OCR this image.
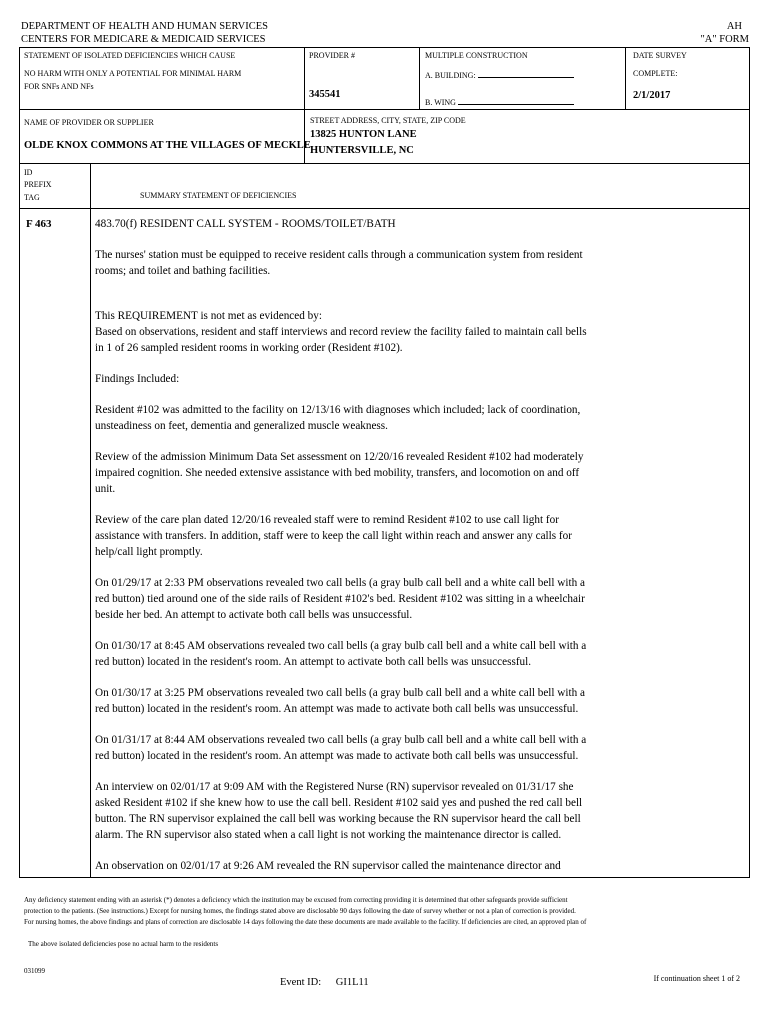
DEPARTMENT OF HEALTH AND HUMAN SERVICES
CENTERS FOR MEDICARE & MEDICAID SERVICES
AH
"A" FORM
STATEMENT OF ISOLATED DEFICIENCIES WHICH CAUSE
NO HARM WITH ONLY A POTENTIAL FOR MINIMAL HARM
FOR SNFs AND NFs
PROVIDER #
345541
MULTIPLE CONSTRUCTION
A. BUILDING:
B. WING
DATE SURVEY
COMPLETE:
2/1/2017
NAME OF PROVIDER OR SUPPLIER
OLDE KNOX COMMONS AT THE VILLAGES OF MECKLE
STREET ADDRESS, CITY, STATE, ZIP CODE
13825 HUNTON LANE
HUNTERSVILLE, NC
ID
PREFIX
TAG	SUMMARY STATEMENT OF DEFICIENCIES
F 463	483.70(f) RESIDENT CALL SYSTEM - ROOMS/TOILET/BATH

The nurses' station must be equipped to receive resident calls through a communication system from resident
rooms; and toilet and bathing facilities.

This REQUIREMENT is not met as evidenced by:
Based on observations, resident and staff interviews and record review the facility failed to maintain call bells
in 1 of 26 sampled resident rooms in working order (Resident #102).

Findings Included:

Resident #102 was admitted to the facility on 12/13/16 with diagnoses which included; lack of coordination,
unsteadiness on feet, dementia and generalized muscle weakness.

Review of the admission Minimum Data Set assessment on 12/20/16 revealed Resident #102 had moderately
impaired cognition. She needed extensive assistance with bed mobility, transfers, and locomotion on and off
unit.

Review of the care plan dated 12/20/16 revealed staff were to remind Resident #102 to use call light for
assistance with transfers. In addition, staff were to keep the call light within reach and answer any calls for
help/call light promptly.

On 01/29/17 at 2:33 PM observations revealed two call bells (a gray bulb call bell and a white call bell with a
red button) tied around one of the side rails of Resident #102's bed. Resident #102 was sitting in a wheelchair
beside her bed. An attempt to activate both call bells was unsuccessful.

On 01/30/17 at 8:45 AM observations revealed two call bells (a gray bulb call bell and a white call bell with a
red button) located in the resident's room. An attempt to activate both call bells was unsuccessful.

On 01/30/17 at 3:25 PM observations revealed two call bells (a gray bulb call bell and a white call bell with a
red button) located in the resident's room. An attempt was made to activate both call bells was unsuccessful.

On 01/31/17 at 8:44 AM observations revealed two call bells (a gray bulb call bell and a white call bell with a
red button) located in the resident's room. An attempt was made to activate both call bells was unsuccessful.

An interview on 02/01/17 at 9:09 AM with the Registered Nurse (RN) supervisor revealed on 01/31/17 she
asked Resident #102 if she knew how to use the call bell. Resident #102 said yes and pushed the red call bell
button. The RN supervisor explained the call bell was working because the RN supervisor heard the call bell
alarm. The RN supervisor also stated when a call light is not working the maintenance director is called.

An observation on 02/01/17 at 9:26 AM revealed the RN supervisor called the maintenance director and

Any deficiency statement ending with an asterisk (*) denotes a deficiency which the institution may be excused from correcting providing it is determined that other safeguards provide sufficient
protection to the patients. (See instructions.) Except for nursing homes, the findings stated above are disclosable 90 days following the date of survey whether or not a plan of correction is provided.
For nursing homes, the above findings and plans of correction are disclosable 14 days following the date these documents are made available to the facility. If deficiencies are cited, an approved plan of
The above isolated deficiencies pose no actual harm to the residents
031099
Event ID: GI1L11	If continuation sheet 1 of 2
